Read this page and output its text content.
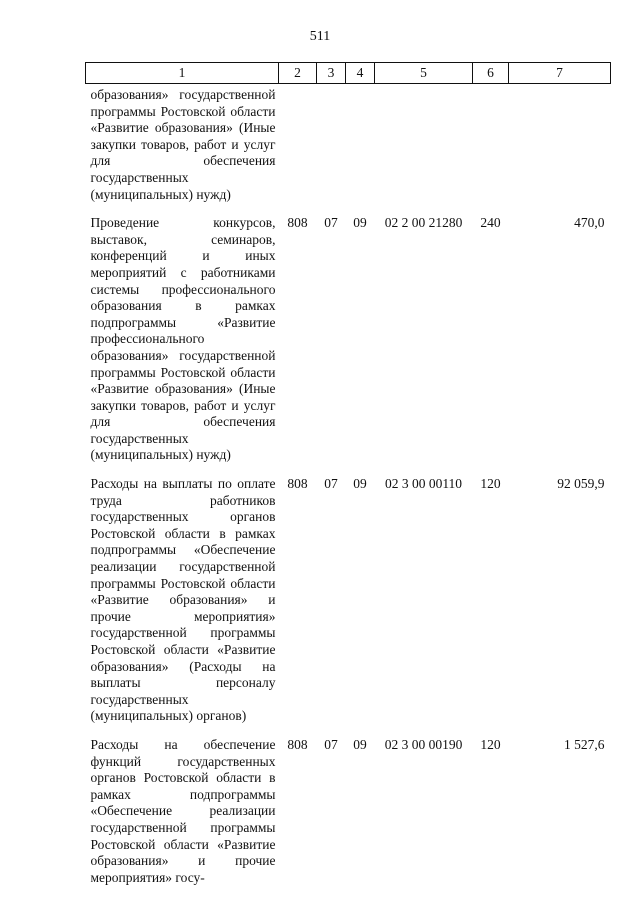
511
1	2	3	4	5	6	7
образования» государственной программы Ростовской области «Развитие образования» (Иные закупки товаров, работ и услуг для обеспечения государственных (муниципальных) нужд)						
Проведение конкурсов, выставок, семинаров, конференций и иных мероприятий с работниками системы профессионального образования в рамках подпрограммы «Развитие профессионального образования» государственной программы Ростовской области «Развитие образования» (Иные закупки товаров, работ и услуг для обеспечения государственных (муниципальных) нужд)	808	07	09	02 2 00 21280	240	470,0
Расходы на выплаты по оплате труда работников государственных органов Ростовской области в рамках подпрограммы «Обеспечение реализации государственной программы Ростовской области «Развитие образования» и прочие мероприятия» государственной программы Ростовской области «Развитие образования» (Расходы на выплаты персоналу государственных (муниципальных) органов)	808	07	09	02 3 00 00110	120	92 059,9
Расходы на обеспечение функций государственных органов Ростовской области в рамках подпрограммы «Обеспечение реализации государственной программы Ростовской области «Развитие образования» и прочие мероприятия» госу-	808	07	09	02 3 00 00190	120	1 527,6
